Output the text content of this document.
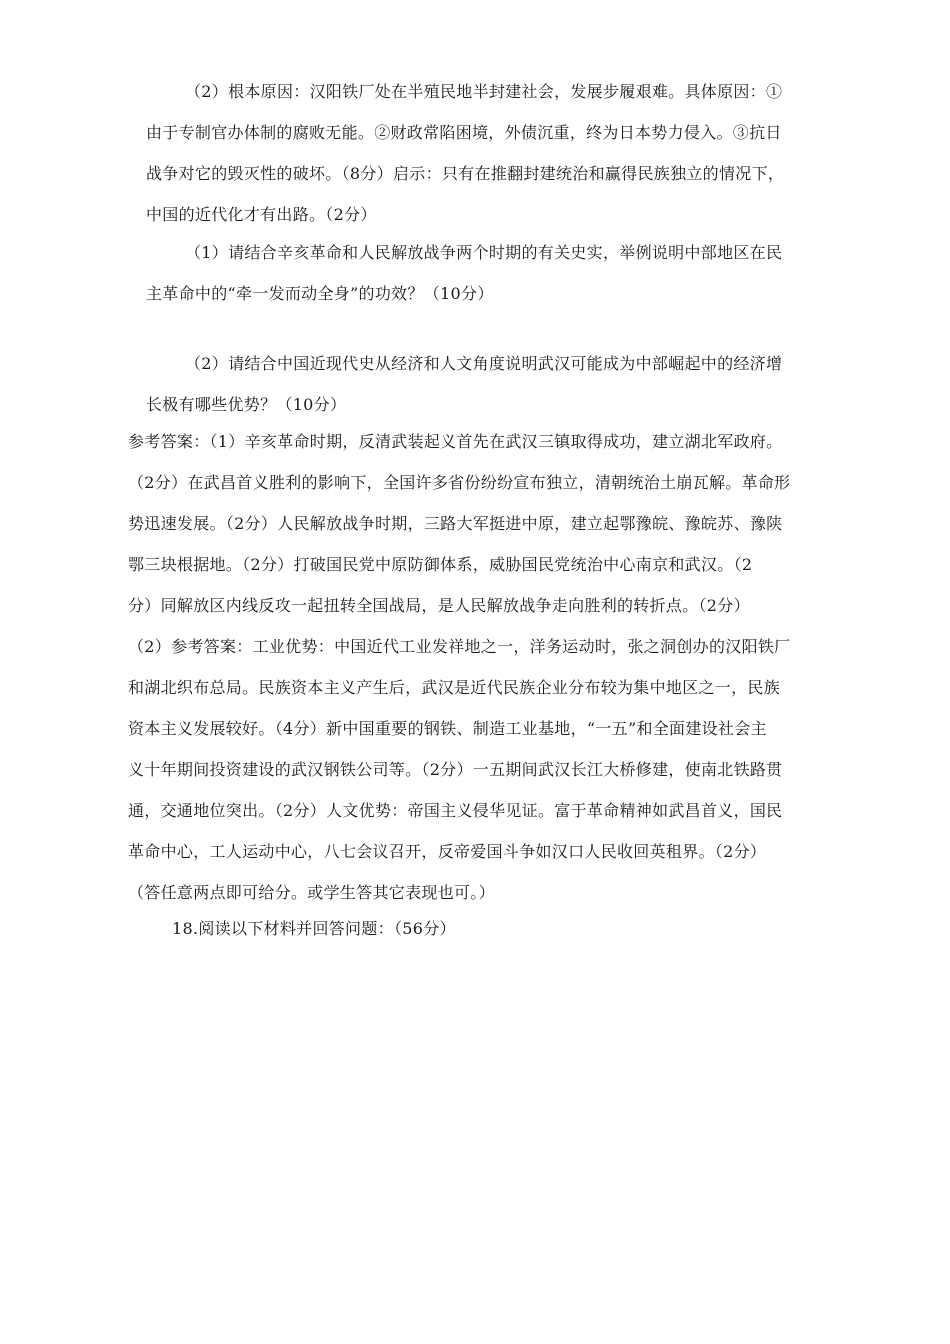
（2）根本原因：汉阳铁厂处在半殖民地半封建社会，发展步履艰难。具体原因：①
由于专制官办体制的腐败无能。②财政常陷困境，外债沉重，终为日本势力侵入。③抗日
战争对它的毁灭性的破坏。（8分）启示：只有在推翻封建统治和赢得民族独立的情况下，
中国的近代化才有出路。（2分）
（1）请结合辛亥革命和人民解放战争两个时期的有关史实，举例说明中部地区在民
主革命中的“牵一发而动全身”的功效？（10分）
（2）请结合中国近现代史从经济和人文角度说明武汉可能成为中部崛起中的经济增
长极有哪些优势？（10分）
参考答案：（1）辛亥革命时期，反清武装起义首先在武汉三镇取得成功，建立湖北军政府。
（2分）在武昌首义胜利的影响下，全国许多省份纷纷宣布独立，清朝统治土崩瓦解。革命形
势迅速发展。（2分）人民解放战争时期，三路大军挺进中原，建立起鄂豫皖、豫皖苏、豫陕
鄂三块根据地。（2分）打破国民党中原防御体系，威胁国民党统治中心南京和武汉。（2
分）同解放区内线反攻一起扭转全国战局，是人民解放战争走向胜利的转折点。（2分）
（2）参考答案：工业优势：中国近代工业发祥地之一，洋务运动时，张之洞创办的汉阳铁厂
和湖北织布总局。民族资本主义产生后，武汉是近代民族企业分布较为集中地区之一，民族
资本主义发展较好。（4分）新中国重要的钢铁、制造工业基地，“一五”和全面建设社会主
义十年期间投资建设的武汉钢铁公司等。（2分）一五期间武汉长江大桥修建，使南北铁路贯
通，交通地位突出。（2分）人文优势：帝国主义侵华见证。富于革命精神如武昌首义，国民
革命中心，工人运动中心，八七会议召开，反帝爱国斗争如汉口人民收回英租界。（2分）
（答任意两点即可给分。或学生答其它表现也可。）
18.阅读以下材料并回答问题：（56分）
